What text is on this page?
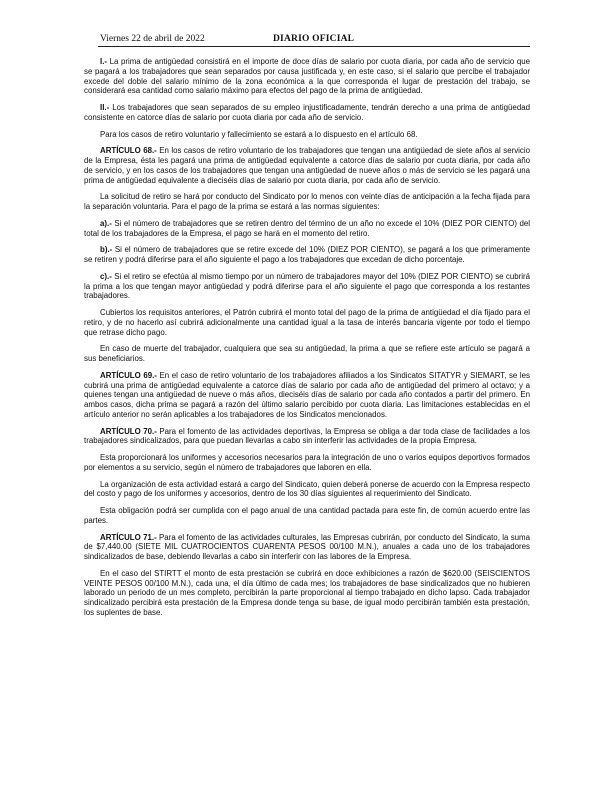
Viernes 22 de abril de 2022	DIARIO OFICIAL

I.- La prima de antigüedad consistirá en el importe de doce días de salario por cuota diaria, por cada año de servicio que se pagará a los trabajadores que sean separados por causa justificada y, en este caso, si el salario que percibe el trabajador excede del doble del salario mínimo de la zona económica a la que corresponda el lugar de prestación del trabajo, se considerará esa cantidad como salario máximo para efectos del pago de la prima de antigüedad.

II.- Los trabajadores que sean separados de su empleo injustificadamente, tendrán derecho a una prima de antigüedad consistente en catorce días de salario por cuota diaria por cada año de servicio.

Para los casos de retiro voluntario y fallecimiento se estará a lo dispuesto en el artículo 68.

ARTÍCULO 68.- En los casos de retiro voluntario de los trabajadores que tengan una antigüedad de siete años al servicio de la Empresa, ésta les pagará una prima de antigüedad equivalente a catorce días de salario por cuota diaria, por cada año de servicio, y en los casos de los trabajadores que tengan una antigüedad de nueve años o más de servicio se les pagará una prima de antigüedad equivalente a dieciséis días de salario por cuota diaria, por cada año de servicio.

La solicitud de retiro se hará por conducto del Sindicato por lo menos con veinte días de anticipación a la fecha fijada para la separación voluntaria. Para el pago de la prima se estará a las normas siguientes:

a).- Si el número de trabajadores que se retiren dentro del término de un año no excede el 10% (DIEZ POR CIENTO) del total de los trabajadores de la Empresa, el pago se hará en el momento del retiro.

b).- Si el número de trabajadores que se retire excede del 10% (DIEZ POR CIENTO), se pagará a los que primeramente se retiren y podrá diferirse para el año siguiente el pago a los trabajadores que excedan de dicho porcentaje.

c).- Si el retiro se efectúa al mismo tiempo por un número de trabajadores mayor del 10% (DIEZ POR CIENTO) se cubrirá la prima a los que tengan mayor antigüedad y podrá diferirse para el año siguiente el pago que corresponda a los restantes trabajadores.

Cubiertos los requisitos anteriores, el Patrón cubrirá el monto total del pago de la prima de antigüedad el día fijado para el retiro, y de no hacerlo así cubrirá adicionalmente una cantidad igual a la tasa de interés bancaria vigente por todo el tiempo que retrase dicho pago.

En caso de muerte del trabajador, cualquiera que sea su antigüedad, la prima a que se refiere este artículo se pagará a sus beneficiarios.

ARTÍCULO 69.- En el caso de retiro voluntario de los trabajadores afiliados a los Sindicatos SITATYR y SIEMART, se les cubrirá una prima de antigüedad equivalente a catorce días de salario por cada año de antigüedad del primero al octavo; y a quienes tengan una antigüedad de nueve o más años, dieciséis días de salario por cada año contados a partir del primero. En ambos casos, dicha prima se pagará a razón del último salario percibido por cuota diaria. Las limitaciones establecidas en el artículo anterior no serán aplicables a los trabajadores de los Sindicatos mencionados.

ARTÍCULO 70.- Para el fomento de las actividades deportivas, la Empresa se obliga a dar toda clase de facilidades a los trabajadores sindicalizados, para que puedan llevarlas a cabo sin interferir las actividades de la propia Empresa.

Esta proporcionará los uniformes y accesorios necesarios para la integración de uno o varios equipos deportivos formados por elementos a su servicio, según el número de trabajadores que laboren en ella.

La organización de esta actividad estará a cargo del Sindicato, quien deberá ponerse de acuerdo con la Empresa respecto del costo y pago de los uniformes y accesorios, dentro de los 30 días siguientes al requerimiento del Sindicato.

Esta obligación podrá ser cumplida con el pago anual de una cantidad pactada para este fin, de común acuerdo entre las partes.

ARTÍCULO 71.- Para el fomento de las actividades culturales, las Empresas cubrirán, por conducto del Sindicato, la suma de $7,440.00 (SIETE MIL CUATROCIENTOS CUARENTA PESOS 00/100 M.N.), anuales a cada uno de los trabajadores sindicalizados de base, debiendo llevarlas a cabo sin interferir con las labores de la Empresa.

En el caso del STIRTT el monto de esta prestación se cubrirá en doce exhibiciones a razón de $620.00 (SEISCIENTOS VEINTE PESOS 00/100 M.N.), cada una, el día último de cada mes; los trabajadores de base sindicalizados que no hubieren laborado un periodo de un mes completo, percibirán la parte proporcional al tiempo trabajado en dicho lapso. Cada trabajador sindicalizado percibirá esta prestación de la Empresa donde tenga su base, de igual modo percibirán también esta prestación, los suplentes de base.
